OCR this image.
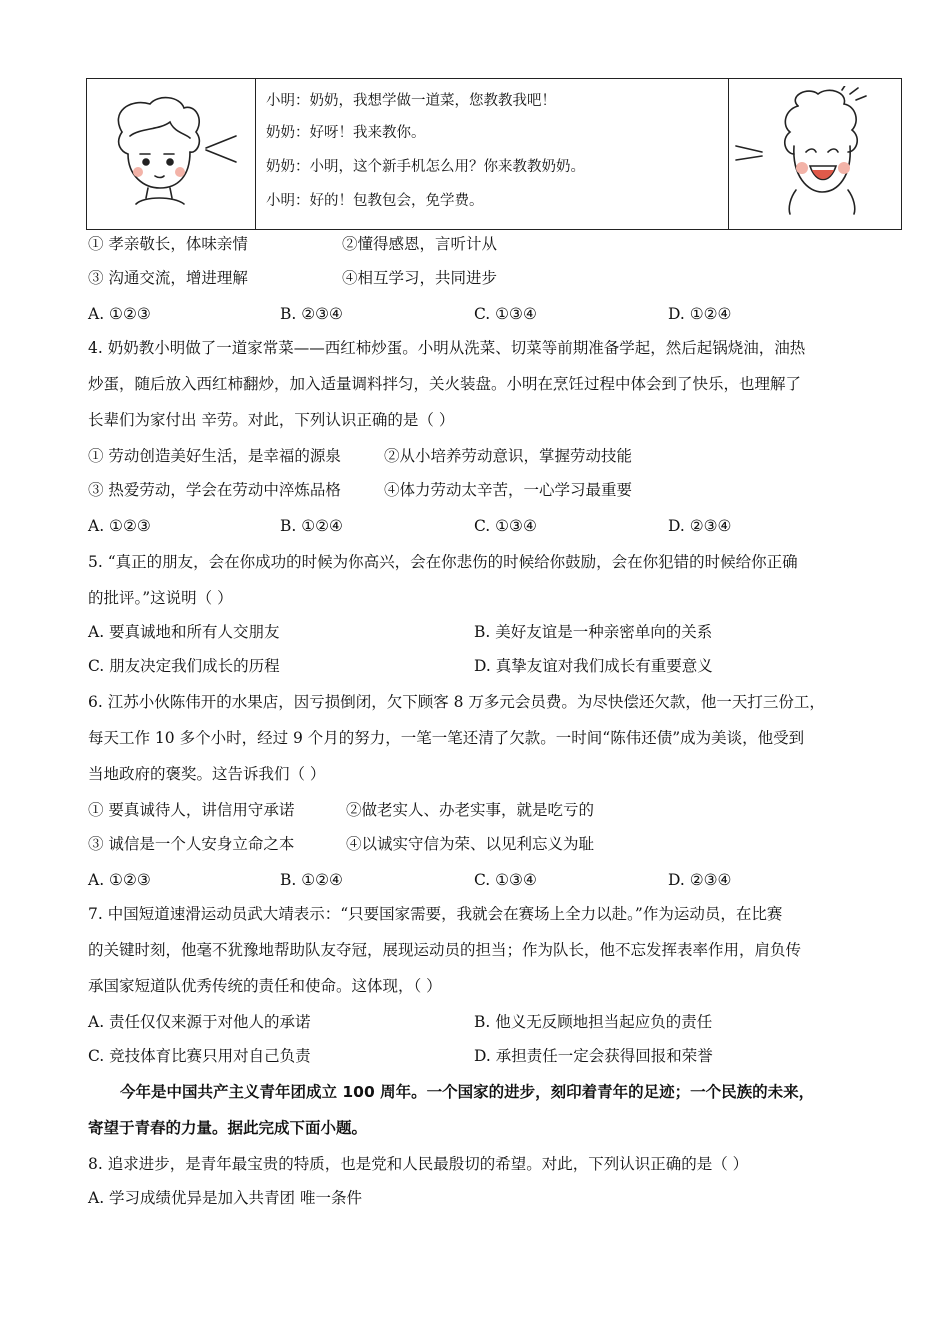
小明：奶奶，我想学做一道菜，您教教我吧！
奶奶：好呀！我来教你。
奶奶：小明，这个新手机怎么用？你来教教奶奶。
小明：好的！包教包会，免学费。
① 孝亲敬长，体味亲情	②懂得感恩，言听计从
③ 沟通交流，增进理解	④相互学习，共同进步
A. ①②③	B. ②③④	C. ①③④	D. ①②④
4. 奶奶教小明做了一道家常菜——西红柿炒蛋。小明从洗菜、切菜等前期准备学起，然后起锅烧油，油热
炒蛋，随后放入西红柿翻炒，加入适量调料拌匀，关火装盘。小明在烹饪过程中体会到了快乐，也理解了
长辈们为家付出 辛劳。对此，下列认识正确的是（ ）
① 劳动创造美好生活，是幸福的源泉	②从小培养劳动意识，掌握劳动技能
③ 热爱劳动，学会在劳动中淬炼品格	④体力劳动太辛苦，一心学习最重要
A. ①②③	B. ①②④	C. ①③④	D. ②③④
5. “真正的朋友，会在你成功的时候为你高兴，会在你悲伤的时候给你鼓励，会在你犯错的时候给你正确
的批评。”这说明（ ）
A. 要真诚地和所有人交朋友	B. 美好友谊是一种亲密单向的关系
C. 朋友决定我们成长的历程	D. 真挚友谊对我们成长有重要意义
6. 江苏小伙陈伟开的水果店，因亏损倒闭，欠下顾客 8 万多元会员费。为尽快偿还欠款，他一天打三份工，
每天工作 10 多个小时，经过 9 个月的努力，一笔一笔还清了欠款。一时间“陈伟还债”成为美谈，他受到
当地政府的褒奖。这告诉我们（ ）
① 要真诚待人，讲信用守承诺	②做老实人、办老实事，就是吃亏的
③ 诚信是一个人安身立命之本	④以诚实守信为荣、以见利忘义为耻
A. ①②③	B. ①②④	C. ①③④	D. ②③④
7. 中国短道速滑运动员武大靖表示：“只要国家需要，我就会在赛场上全力以赴。”作为运动员，在比赛
的关键时刻，他毫不犹豫地帮助队友夺冠，展现运动员的担当；作为队长，他不忘发挥表率作用，肩负传
承国家短道队优秀传统的责任和使命。这体现，（ ）
A. 责任仅仅来源于对他人的承诺	B. 他义无反顾地担当起应负的责任
C. 竞技体育比赛只用对自己负责	D. 承担责任一定会获得回报和荣誉
今年是中国共产主义青年团成立 100 周年。一个国家的进步，刻印着青年的足迹；一个民族的未来，
寄望于青春的力量。据此完成下面小题。
8. 追求进步，是青年最宝贵的特质，也是党和人民最殷切的希望。对此，下列认识正确的是（ ）
A. 学习成绩优异是加入共青团 唯一条件
